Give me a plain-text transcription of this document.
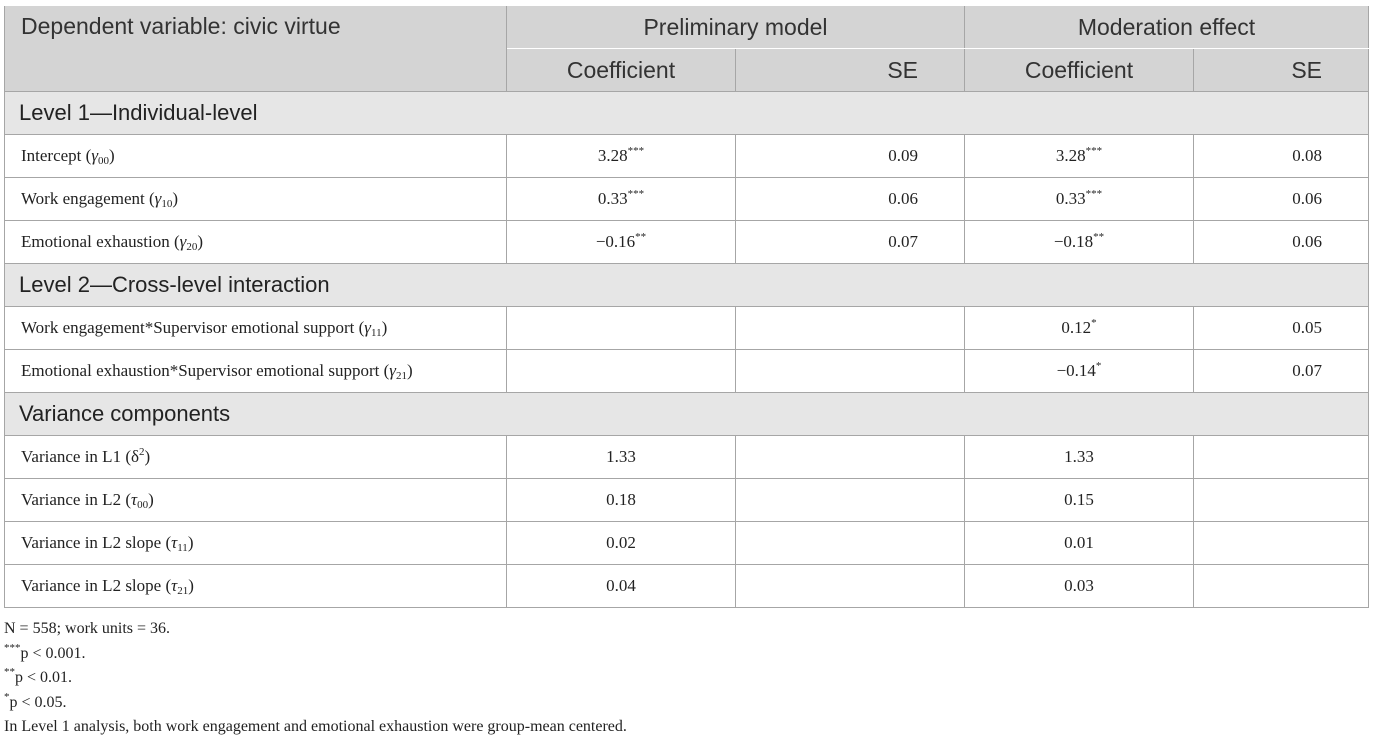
Dependent variable: civic virtue	Preliminary model		Moderation effect	
	Coefficient	SE	Coefficient	SE
Level 1—Individual-level				
Intercept $(\gamma_{00})$	3.28***	0.09	3.28***	0.08
Work engagement $(\gamma_{10})$	0.33***	0.06	0.33***	0.06
Emotional exhaustion $(\gamma_{20})$	−0.16**	0.07	−0.18**	0.06
Level 2—Cross-level interaction				
Work engagement*Supervisor emotional support $(\gamma_{11})$			0.12*	0.05
Emotional exhaustion*Supervisor emotional support $(\gamma_{21})$			−0.14*	0.07
Variance components				
Variance in L1 $(\delta^2)$	1.33		1.33	
Variance in L2 $(\tau_{00})$	0.18		0.15	
Variance in L2 slope $(\tau_{11})$	0.02		0.01	
Variance in L2 slope $(\tau_{21})$	0.04		0.03	
N = 558; work units = 36.
***p < 0.001.
**p < 0.01.
*p < 0.05.
In Level 1 analysis, both work engagement and emotional exhaustion were group-mean centered.
